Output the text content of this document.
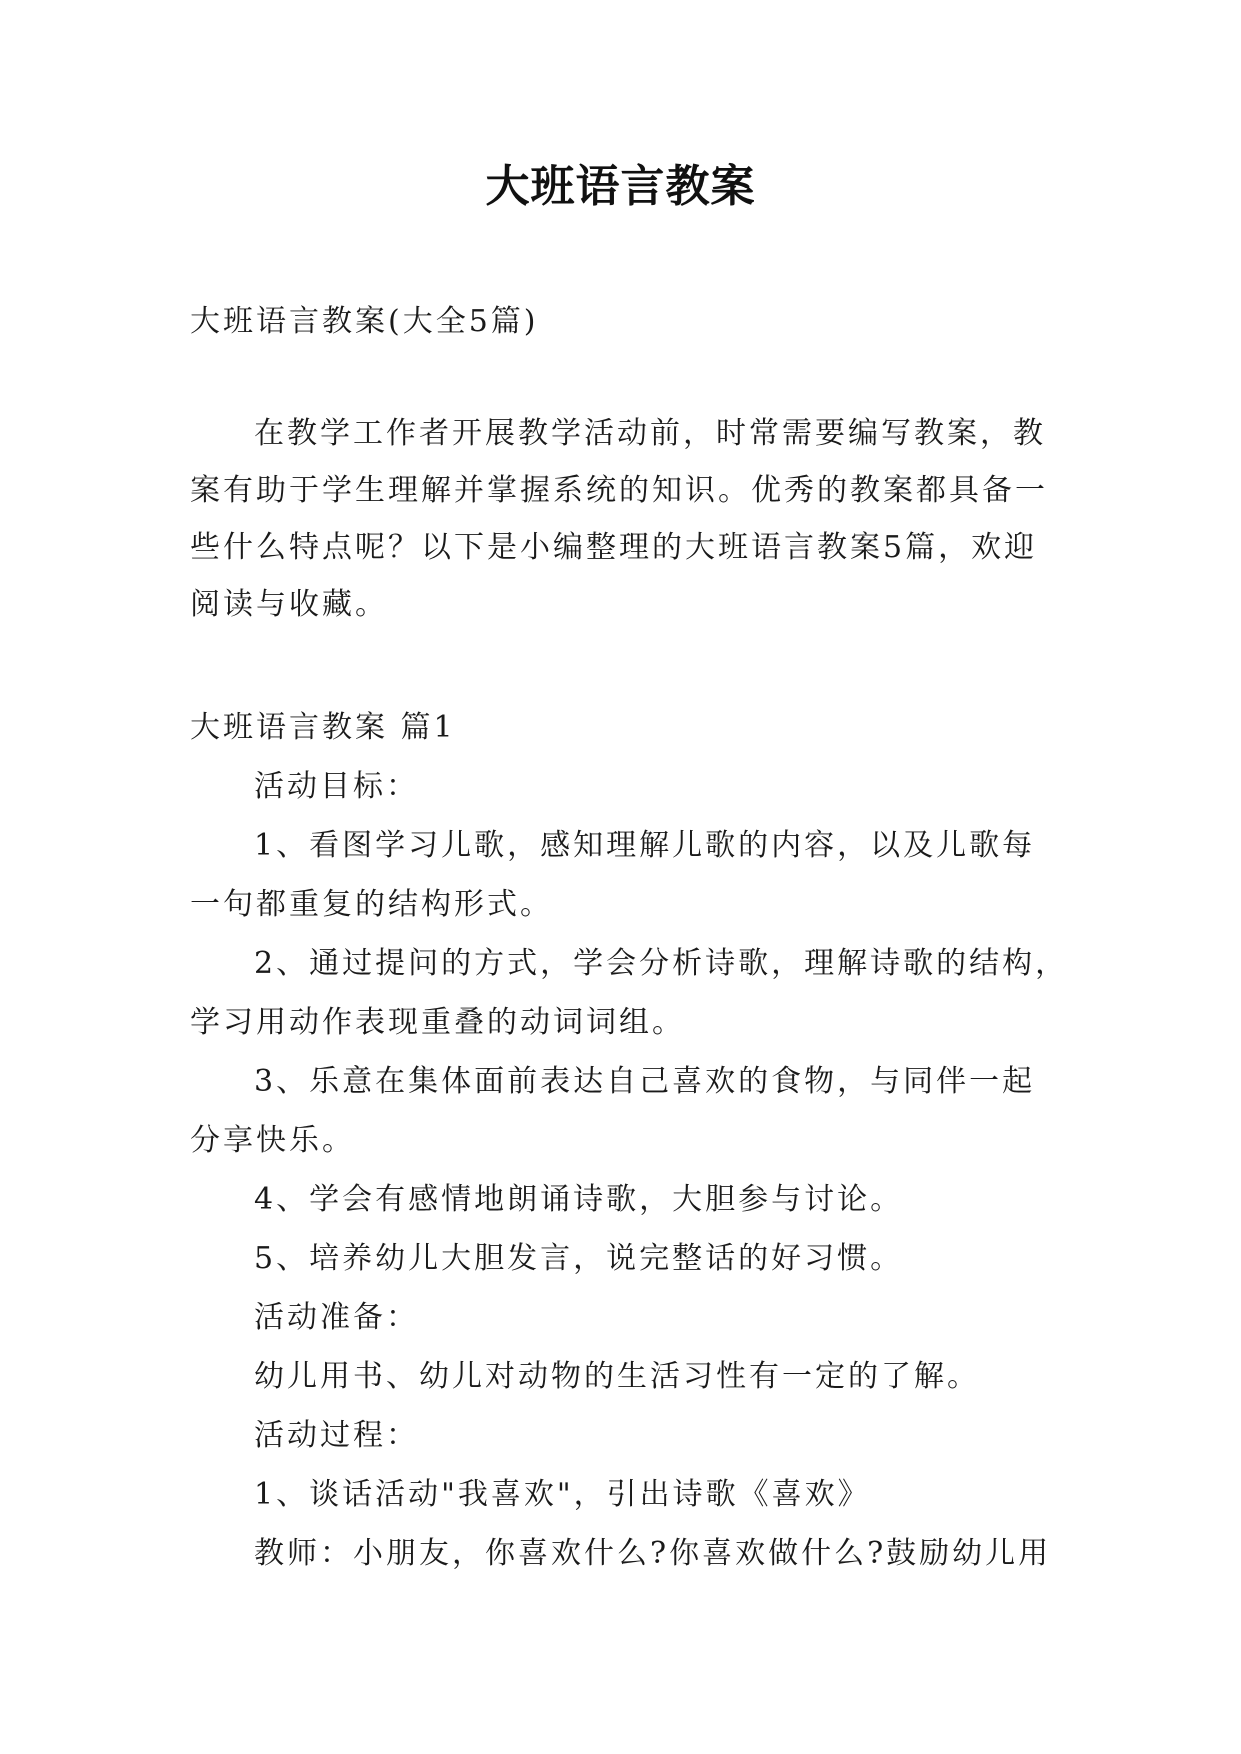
大班语言教案
大班语言教案(大全5篇)
在教学工作者开展教学活动前，时常需要编写教案，教案有助于学生理解并掌握系统的知识。优秀的教案都具备一些什么特点呢？以下是小编整理的大班语言教案5篇，欢迎阅读与收藏。
大班语言教案 篇1
活动目标：
1、看图学习儿歌，感知理解儿歌的内容，以及儿歌每
一句都重复的结构形式。
2、通过提问的方式，学会分析诗歌，理解诗歌的结构，
学习用动作表现重叠的动词词组。
3、乐意在集体面前表达自己喜欢的食物，与同伴一起
分享快乐。
4、学会有感情地朗诵诗歌，大胆参与讨论。
5、培养幼儿大胆发言，说完整话的好习惯。
活动准备：
幼儿用书、幼儿对动物的生活习性有一定的了解。
活动过程：
1、谈话活动"我喜欢"，引出诗歌《喜欢》
教师：小朋友，你喜欢什么?你喜欢做什么?鼓励幼儿用
